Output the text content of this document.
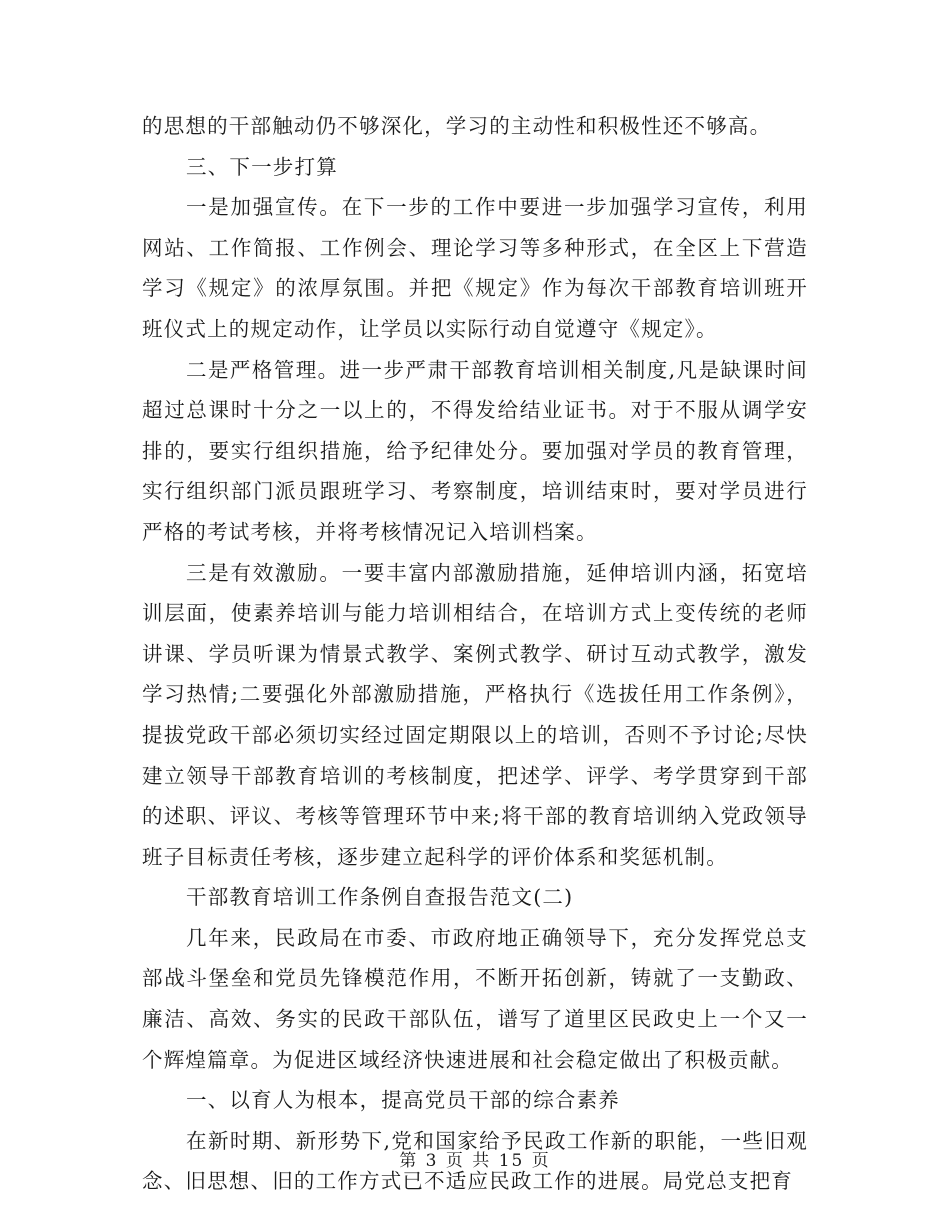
的思想的干部触动仍不够深化，学习的主动性和积极性还不够高。

三、下一步打算

一是加强宣传。在下一步的工作中要进一步加强学习宣传，利用网站、工作简报、工作例会、理论学习等多种形式，在全区上下营造学习《规定》的浓厚氛围。并把《规定》作为每次干部教育培训班开班仪式上的规定动作，让学员以实际行动自觉遵守《规定》。

二是严格管理。进一步严肃干部教育培训相关制度,凡是缺课时间超过总课时十分之一以上的，不得发给结业证书。对于不服从调学安排的，要实行组织措施，给予纪律处分。要加强对学员的教育管理，实行组织部门派员跟班学习、考察制度，培训结束时，要对学员进行严格的考试考核，并将考核情况记入培训档案。

三是有效激励。一要丰富内部激励措施，延伸培训内涵，拓宽培训层面，使素养培训与能力培训相结合，在培训方式上变传统的老师讲课、学员听课为情景式教学、案例式教学、研讨互动式教学，激发学习热情;二要强化外部激励措施，严格执行《选拔任用工作条例》，提拔党政干部必须切实经过固定期限以上的培训，否则不予讨论;尽快建立领导干部教育培训的考核制度，把述学、评学、考学贯穿到干部的述职、评议、考核等管理环节中来;将干部的教育培训纳入党政领导班子目标责任考核，逐步建立起科学的评价体系和奖惩机制。

干部教育培训工作条例自查报告范文(二)

几年来，民政局在市委、市政府地正确领导下，充分发挥党总支部战斗堡垒和党员先锋模范作用，不断开拓创新，铸就了一支勤政、廉洁、高效、务实的民政干部队伍，谱写了道里区民政史上一个又一个辉煌篇章。为促进区域经济快速进展和社会稳定做出了积极贡献。

一、以育人为根本，提高党员干部的综合素养

在新时期、新形势下,党和国家给予民政工作新的职能，一些旧观念、旧思想、旧的工作方式已不适应民政工作的进展。局党总支把育

第 3 页 共 15 页
